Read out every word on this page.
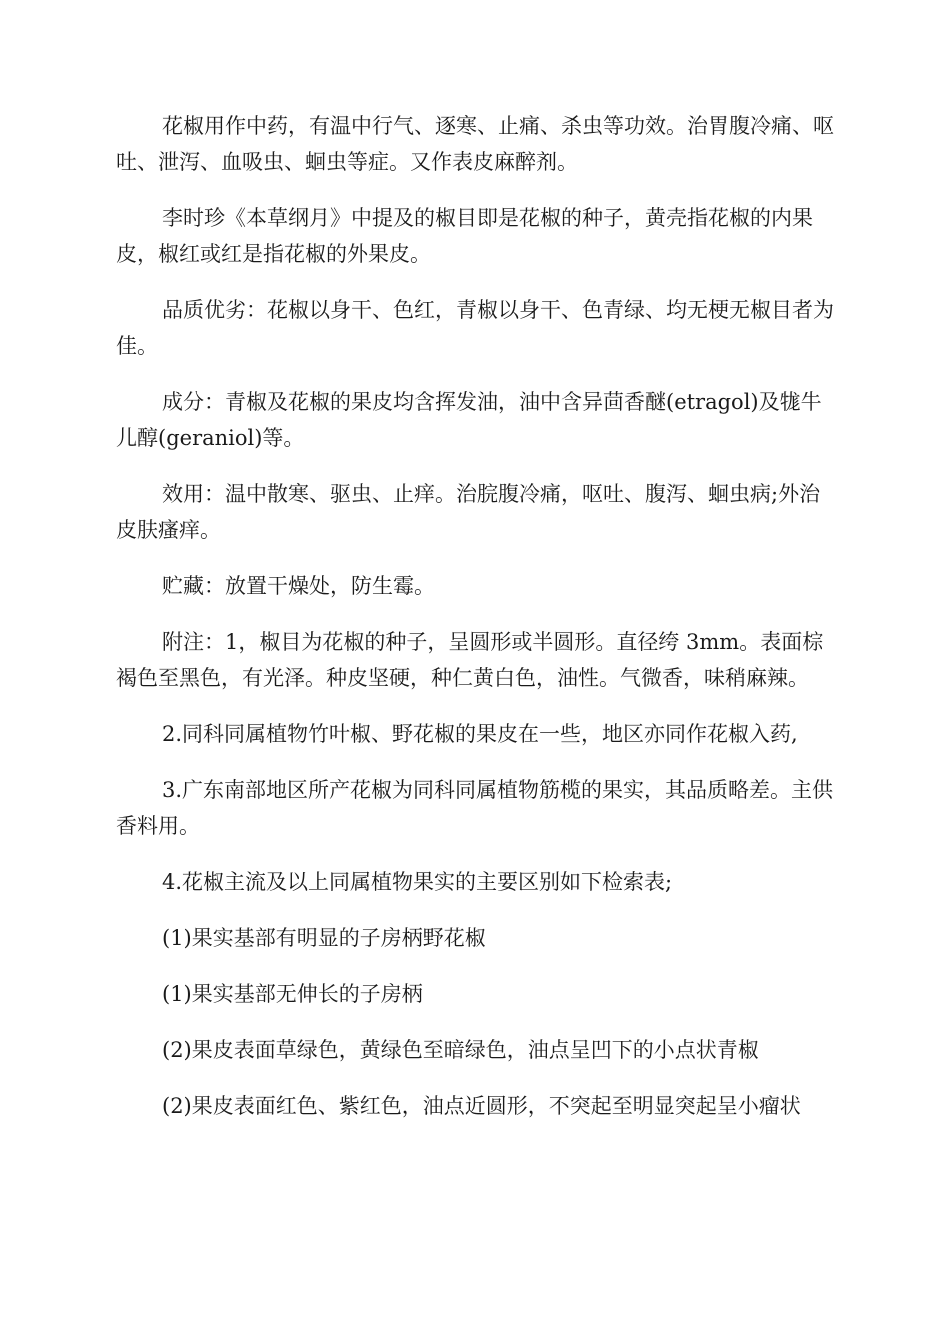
花椒用作中药，有温中行气、逐寒、止痛、杀虫等功效。治胃腹冷痛、呕吐、泄泻、血吸虫、蛔虫等症。又作表皮麻醉剂。

李时珍《本草纲月》中提及的椒目即是花椒的种子，黄壳指花椒的内果皮，椒红或红是指花椒的外果皮。

品质优劣：花椒以身干、色红，青椒以身干、色青绿、均无梗无椒目者为佳。

成分：青椒及花椒的果皮均含挥发油，油中含异茴香醚(etragol)及牻牛儿醇(geraniol)等。

效用：温中散寒、驱虫、止痒。治脘腹冷痛，呕吐、腹泻、蛔虫病;外治皮肤瘙痒。

贮藏：放置干燥处，防生霉。

附注：1，椒目为花椒的种子，呈圆形或半圆形。直径绔 3mm。表面棕褐色至黑色，有光泽。种皮坚硬，种仁黄白色，油性。气微香，味稍麻辣。

2.同科同属植物竹叶椒、野花椒的果皮在一些，地区亦同作花椒入药,

3.广东南部地区所产花椒为同科同属植物筋榄的果实，其品质略差。主供香料用。

4.花椒主流及以上同属植物果实的主要区别如下检索表;

(1)果实基部有明显的子房柄野花椒

(1)果实基部无伸长的子房柄

(2)果皮表面草绿色，黄绿色至暗绿色，油点呈凹下的小点状青椒

(2)果皮表面红色、紫红色，油点近圆形，不突起至明显突起呈小瘤状
